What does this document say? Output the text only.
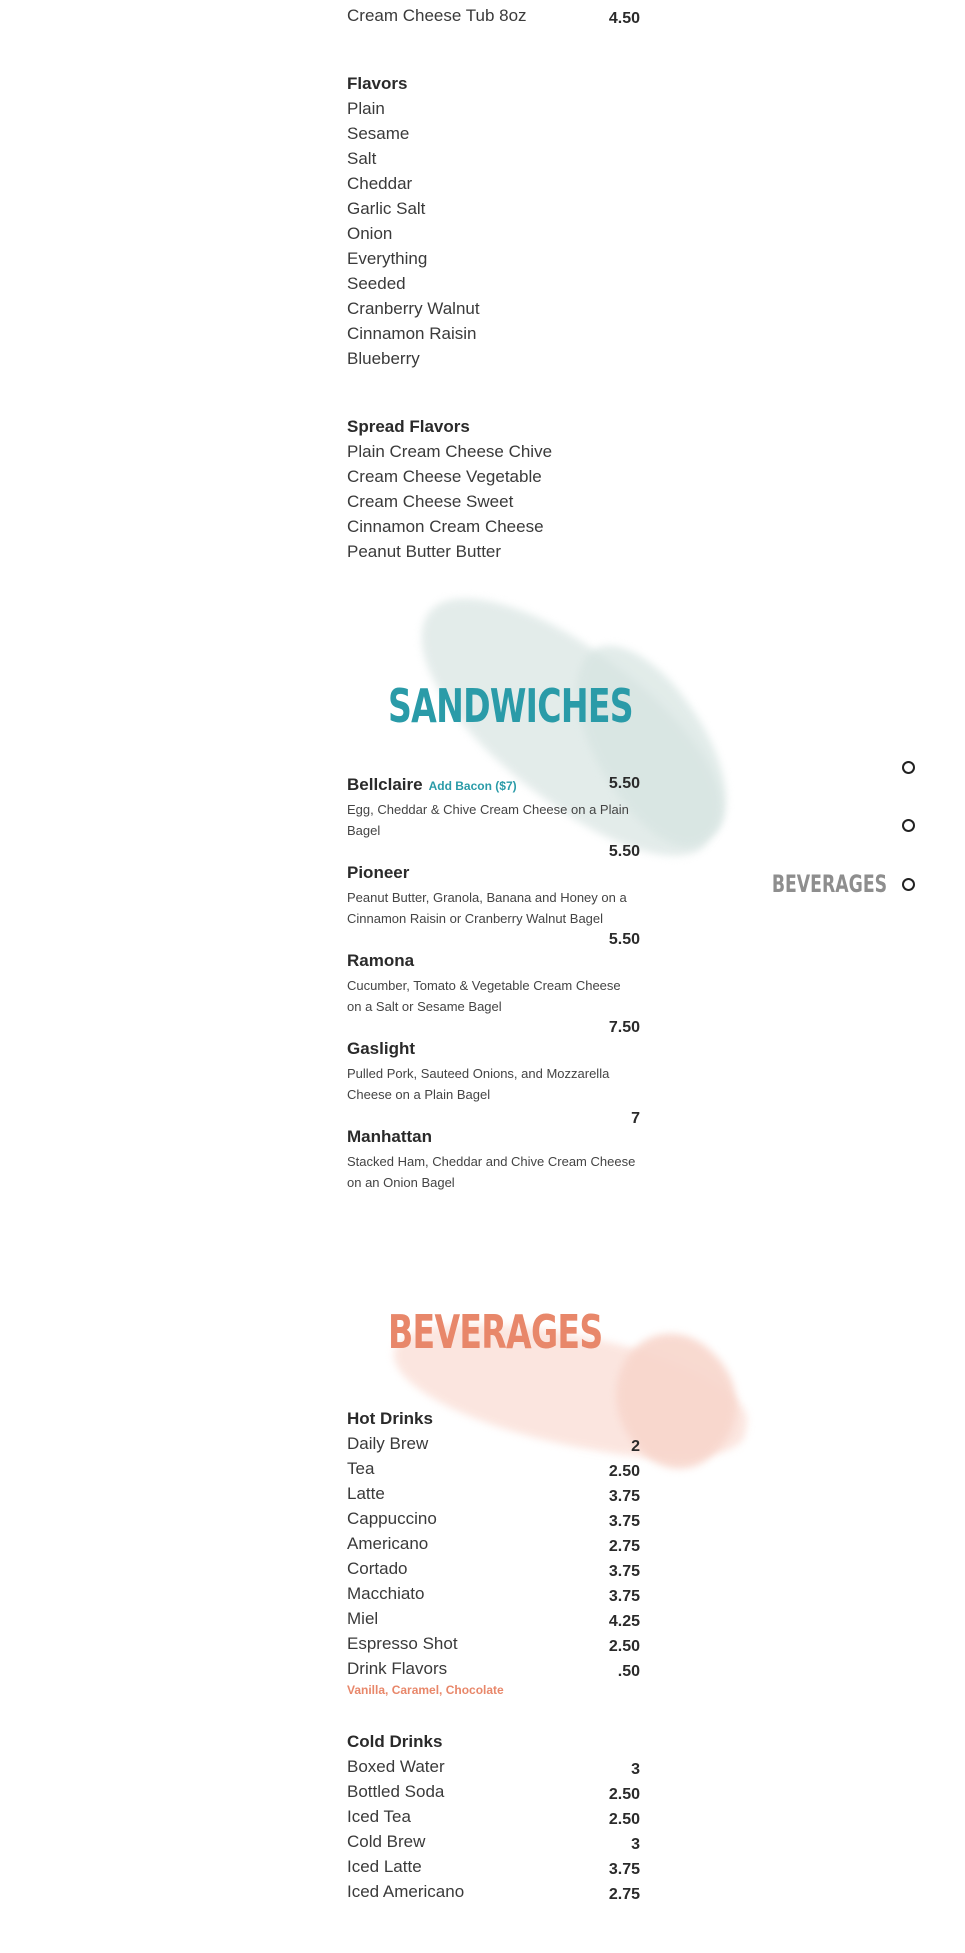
Cream Cheese Tub 8oz	4.50
Flavors
Plain
Sesame
Salt
Cheddar
Garlic Salt
Onion
Everything
Seeded
Cranberry Walnut
Cinnamon Raisin
Blueberry
Spread Flavors
Plain Cream Cheese Chive
Cream Cheese Vegetable
Cream Cheese Sweet
Cinnamon Cream Cheese
Peanut Butter Butter
SANDWICHES
Bellclaire Add Bacon ($7)	5.50
Egg, Cheddar & Chive Cream Cheese on a Plain Bagel
Pioneer
5.50
Peanut Butter, Granola, Banana and Honey on a Cinnamon Raisin or Cranberry Walnut Bagel
Ramona
5.50
Cucumber, Tomato & Vegetable Cream Cheese on a Salt or Sesame Bagel
Gaslight
7.50
Pulled Pork, Sauteed Onions, and Mozzarella Cheese on a Plain Bagel
Manhattan
7
Stacked Ham, Cheddar and Chive Cream Cheese on an Onion Bagel
BEVERAGES
BEVERAGES
Hot Drinks
Daily Brew	2
Tea	2.50
Latte	3.75
Cappuccino	3.75
Americano	2.75
Cortado	3.75
Macchiato	3.75
Miel	4.25
Espresso Shot	2.50
Drink Flavors	.50
Vanilla, Caramel, Chocolate
Cold Drinks
Boxed Water	3
Bottled Soda	2.50
Iced Tea	2.50
Cold Brew	3
Iced Latte	3.75
Iced Americano	2.75
